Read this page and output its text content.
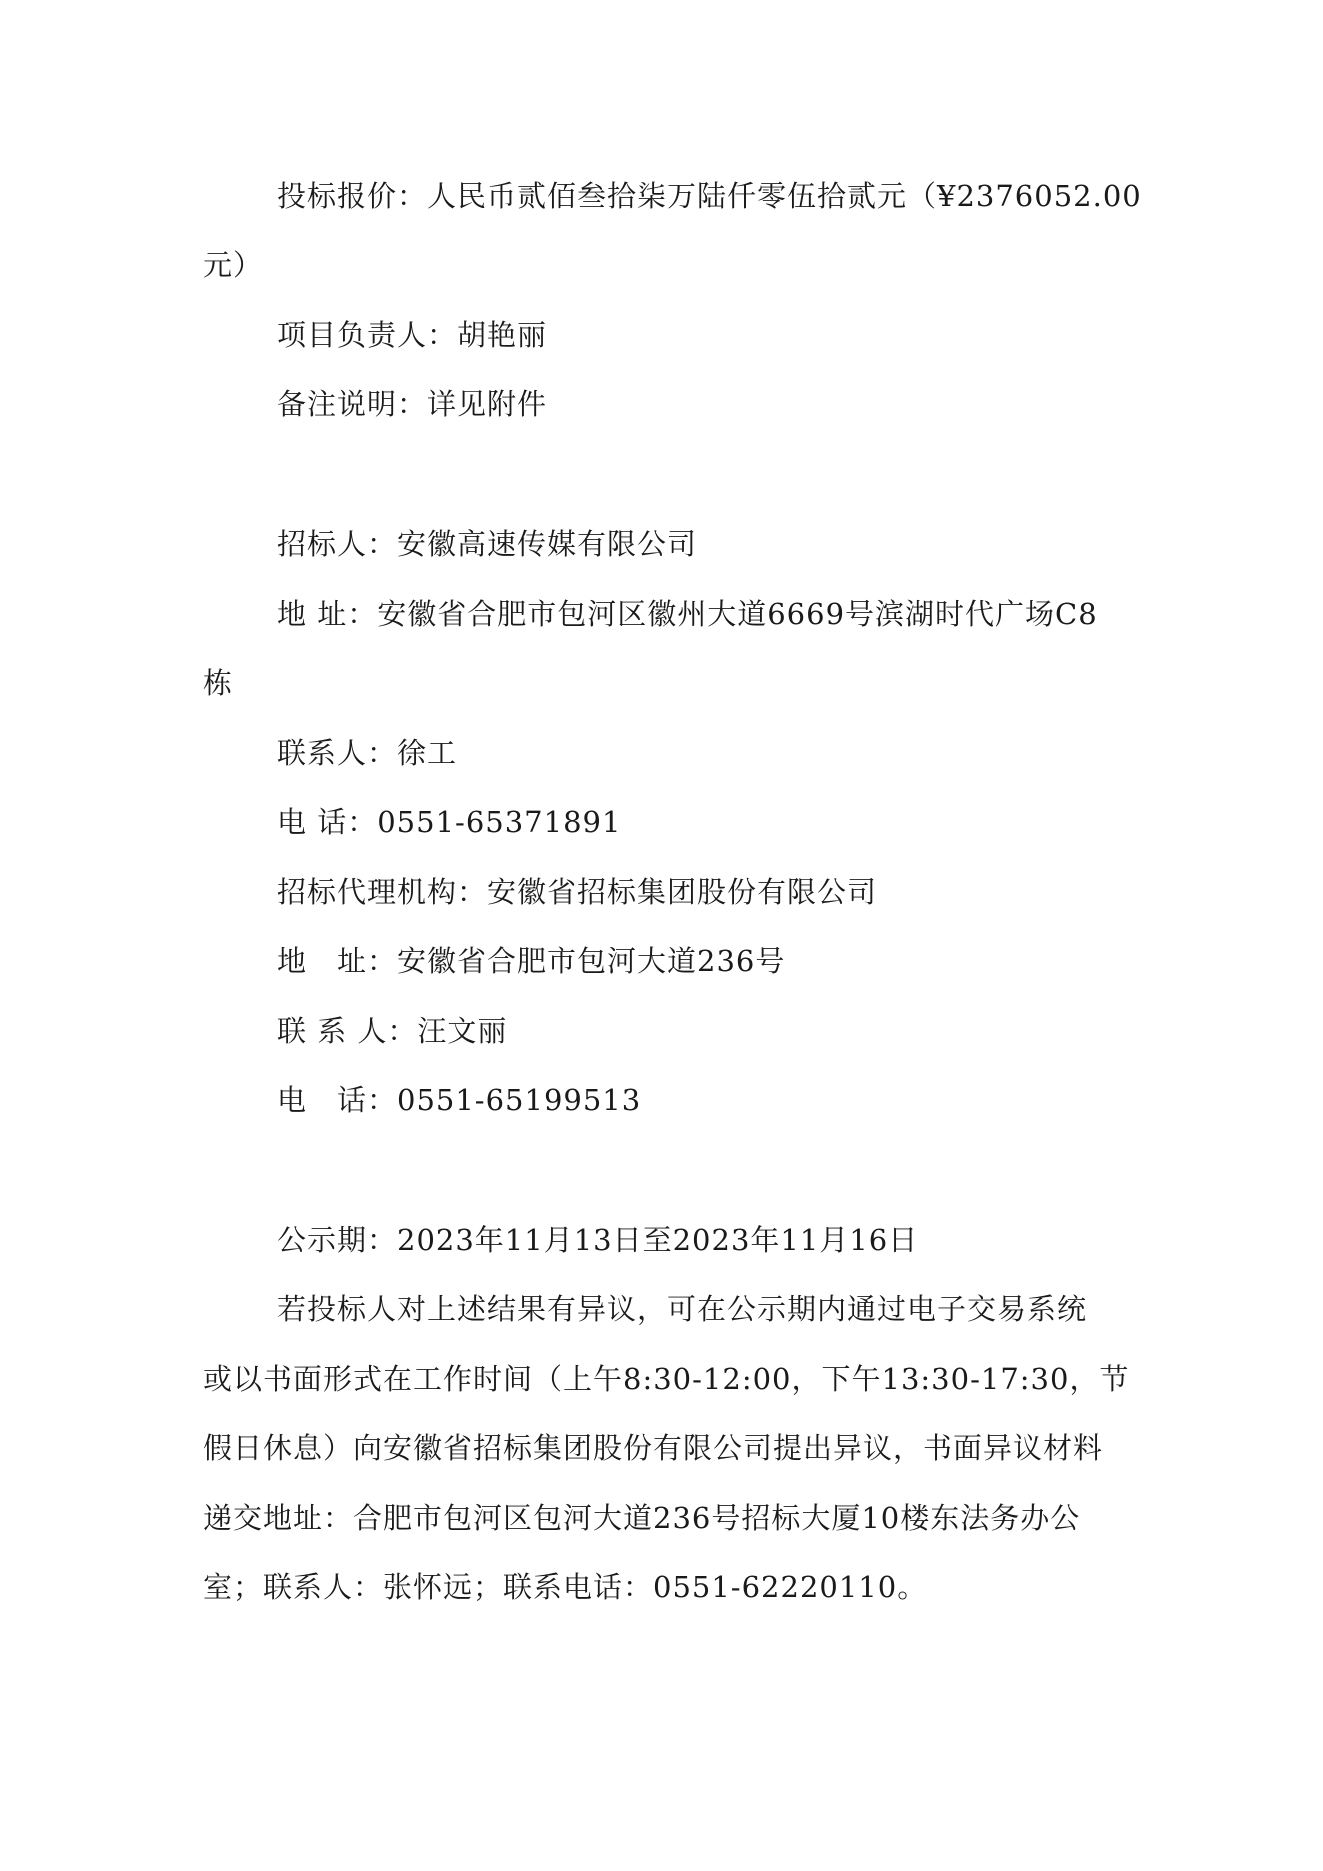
投标报价：人民币贰佰叁拾柒万陆仟零伍拾贰元（¥2376052.00
元）
项目负责人：胡艳丽
备注说明：详见附件
招标人：安徽高速传媒有限公司
地 址：安徽省合肥市包河区徽州大道6669号滨湖时代广场C8
栋
联系人：徐工
电 话：0551-65371891
招标代理机构：安徽省招标集团股份有限公司
地　址：安徽省合肥市包河大道236号
联 系 人：汪文丽
电　话：0551-65199513
公示期：2023年11月13日至2023年11月16日
若投标人对上述结果有异议，可在公示期内通过电子交易系统
或以书面形式在工作时间（上午8:30-12:00，下午13:30-17:30，节
假日休息）向安徽省招标集团股份有限公司提出异议，书面异议材料
递交地址：合肥市包河区包河大道236号招标大厦10楼东法务办公
室；联系人：张怀远；联系电话：0551-62220110。
